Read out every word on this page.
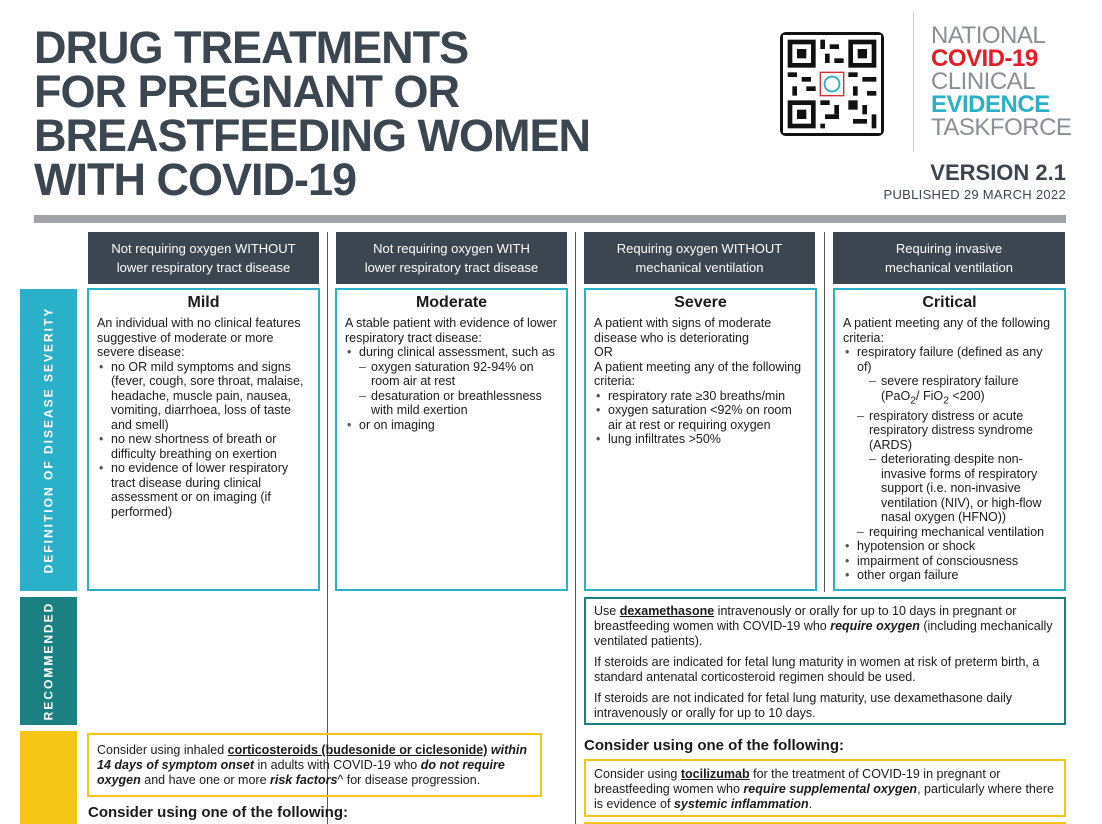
DRUG TREATMENTS
FOR PREGNANT OR
BREASTFEEDING WOMEN
WITH COVID-19
NATIONAL
COVID-19
CLINICAL
EVIDENCE
TASKFORCE
VERSION 2.1
PUBLISHED 29 MARCH 2022
Not requiring oxygen WITHOUT
lower respiratory tract disease
Not requiring oxygen WITH
lower respiratory tract disease
Requiring oxygen WITHOUT
mechanical ventilation
Requiring invasive
mechanical ventilation
DEFINITION OF DISEASE SEVERITY
RECOMMENDED
Mild

An individual with no clinical features suggestive of moderate or more severe disease:

• no OR mild symptoms and signs (fever, cough, sore throat, malaise, headache, muscle pain, nausea, vomiting, diarrhoea, loss of taste and smell)
• no new shortness of breath or difficulty breathing on exertion
• no evidence of lower respiratory tract disease during clinical assessment or on imaging (if performed)
Moderate

A stable patient with evidence of lower respiratory tract disease:

• during clinical assessment, such as
– oxygen saturation 92-94% on room air at rest
– desaturation or breathlessness with mild exertion
• or on imaging
Severe

A patient with signs of moderate disease who is deteriorating

OR

A patient meeting any of the following criteria:

• respiratory rate ≥30 breaths/min
• oxygen saturation <92% on room air at rest or requiring oxygen
• lung infiltrates >50%
Critical

A patient meeting any of the following criteria:

• respiratory failure (defined as any of)
– severe respiratory failure (PaO$_2$/ FiO$_2$ <200)
– respiratory distress or acute respiratory distress syndrome (ARDS)
– deteriorating despite non-invasive forms of respiratory support (i.e. non-invasive ventilation (NIV), or high-flow nasal oxygen (HFNO))
– requiring mechanical ventilation
• hypotension or shock
• impairment of consciousness
• other organ failure

Use dexamethasone intravenously or orally for up to 10 days in pregnant or breastfeeding women with COVID-19 who require oxygen (including mechanically ventilated patients).

If steroids are indicated for fetal lung maturity in women at risk of preterm birth, a standard antenatal corticosteroid regimen should be used.

If steroids are not indicated for fetal lung maturity, use dexamethasone daily intravenously or orally for up to 10 days.

Consider using inhaled corticosteroids (budesonide or ciclesonide) within 14 days of symptom onset in adults with COVID-19 who do not require oxygen and have one or more risk factors^ for disease progression.

Consider using one of the following:
Consider using one of the following:

Consider using tocilizumab for the treatment of COVID-19 in pregnant or breastfeeding women who require supplemental oxygen, particularly where there is evidence of systemic inflammation.
